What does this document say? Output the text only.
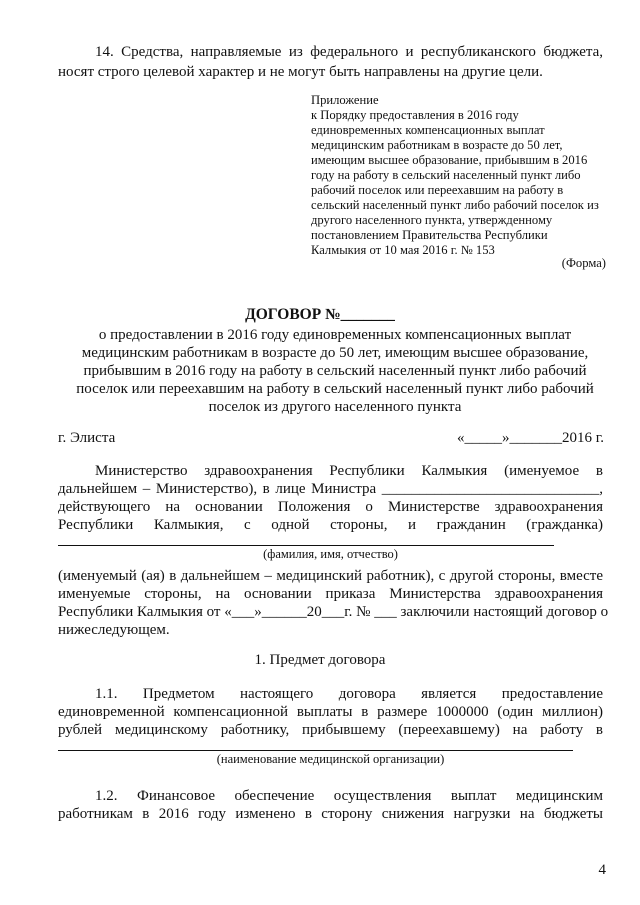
14. Средства, направляемые из федерального и республиканского бюджета,
носят строго целевой характер и не могут быть направлены на другие цели.
Приложение
к Порядку предоставления в 2016 году
единовременных компенсационных выплат
медицинским работникам в возрасте до 50 лет,
имеющим высшее образование, прибывшим в 2016
году на работу в сельский населенный пункт либо
рабочий поселок или переехавшим на работу в
сельский населенный пункт либо рабочий поселок из
другого населенного пункта, утвержденному
постановлением Правительства Республики
Калмыкия от 10 мая 2016 г. № 153
(Форма)
ДОГОВОР №_______
о предоставлении в 2016 году единовременных компенсационных выплат
медицинским работникам в возрасте до 50 лет, имеющим высшее образование,
прибывшим в 2016 году на работу в сельский населенный пункт либо рабочий
поселок или переехавшим на работу в сельский населенный пункт либо рабочий
поселок из другого населенного пункта
г. Элиста	«_____»_______2016 г.
Министерство здравоохранения Республики Калмыкия (именуемое в
дальнейшем – Министерство), в лице Министра _____________________________,
действующего на основании Положения о Министерстве здравоохранения
Республики Калмыкия, с одной стороны, и гражданин (гражданка)
(фамилия, имя, отчество)
(именуемый (ая) в дальнейшем – медицинский работник), с другой стороны, вместе
именуемые стороны, на основании приказа Министерства здравоохранения
Республики Калмыкия от «___»______20___г. № ___ заключили настоящий договор о
нижеследующем.
1. Предмет договора
1.1. Предметом настоящего договора является предоставление
единовременной компенсационной выплаты в размере 1000000 (один миллион)
рублей медицинскому работнику, прибывшему (переехавшему) на работу в
(наименование медицинской организации)
1.2. Финансовое обеспечение осуществления выплат медицинским
работникам в 2016 году изменено в сторону снижения нагрузки на бюджеты
4
